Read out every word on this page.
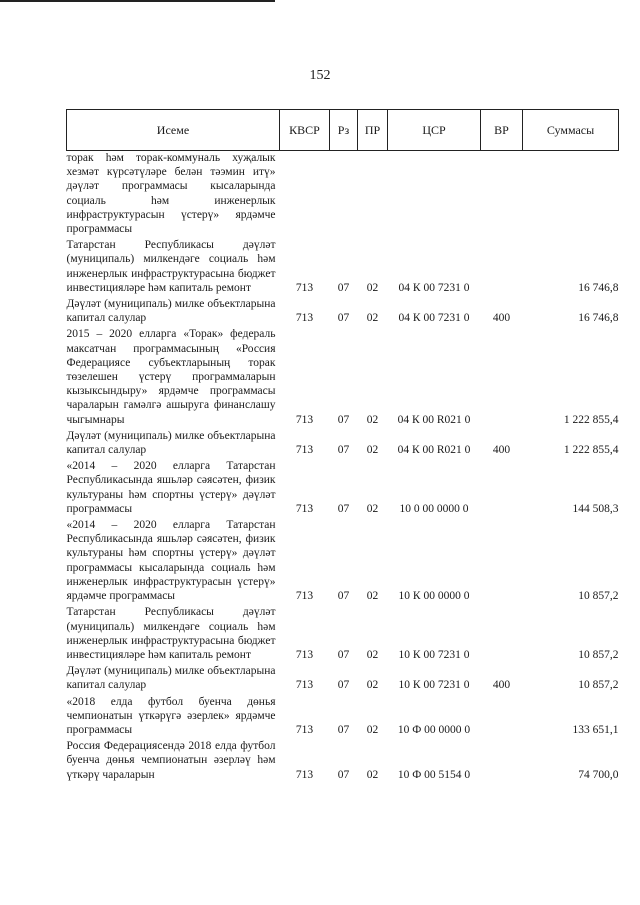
152
Исеме	КВСР	Рз	ПР	ЦСР	ВР	Суммасы
торак һәм торак-коммуналь хуҗалык хезмәт күрсәтүләре белән тәэмин итү» дәүләт программасы кысаларында социаль һәм инженерлык инфраструктурасын үстерү» ярдәмче программасы						
Татарстан Республикасы дәүләт (муниципаль) милкендәге социаль һәм инженерлык инфраструктурасына бюджет инвестицияләре һәм капиталь ремонт	713	07	02	04 К 00 7231 0		16 746,8
Дәүләт (муниципаль) милке объектларына капитал салулар	713	07	02	04 К 00 7231 0	400	16 746,8
2015 – 2020 елларга «Торак» федераль максатчан программасының «Россия Федерациясе субъектларының торак төзелешен үстерү программаларын кызыксындыру» ярдәмче программасы чараларын гамәлгә ашыруга финанслашу чыгымнары	713	07	02	04 К 00 R021 0		1 222 855,4
Дәүләт (муниципаль) милке объектларына капитал салулар	713	07	02	04 К 00 R021 0	400	1 222 855,4
«2014 – 2020 елларга Татарстан Республикасында яшьләр сәясәтен, физик культураны һәм спортны үстерү» дәүләт программасы	713	07	02	10 0 00 0000 0		144 508,3
«2014 – 2020 елларга Татарстан Республикасында яшьләр сәясәтен, физик культураны һәм спортны үстерү» дәүләт программасы кысаларында социаль һәм инженерлык инфраструктурасын үстерү» ярдәмче программасы	713	07	02	10 К 00 0000 0		10 857,2
Татарстан Республикасы дәүләт (муниципаль) милкендәге социаль һәм инженерлык инфраструктурасына бюджет инвестицияләре һәм капиталь ремонт	713	07	02	10 К 00 7231 0		10 857,2
Дәүләт (муниципаль) милке объектларына капитал салулар	713	07	02	10 К 00 7231 0	400	10 857,2
«2018 елда футбол буенча дөнья чемпионатын үткәрүгә әзерлек» ярдәмче программасы	713	07	02	10 Ф 00 0000 0		133 651,1
Россия Федерациясендә 2018 елда футбол буенча дөнья чемпионатын әзерләү һәм үткәрү чараларын	713	07	02	10 Ф 00 5154 0		74 700,0
